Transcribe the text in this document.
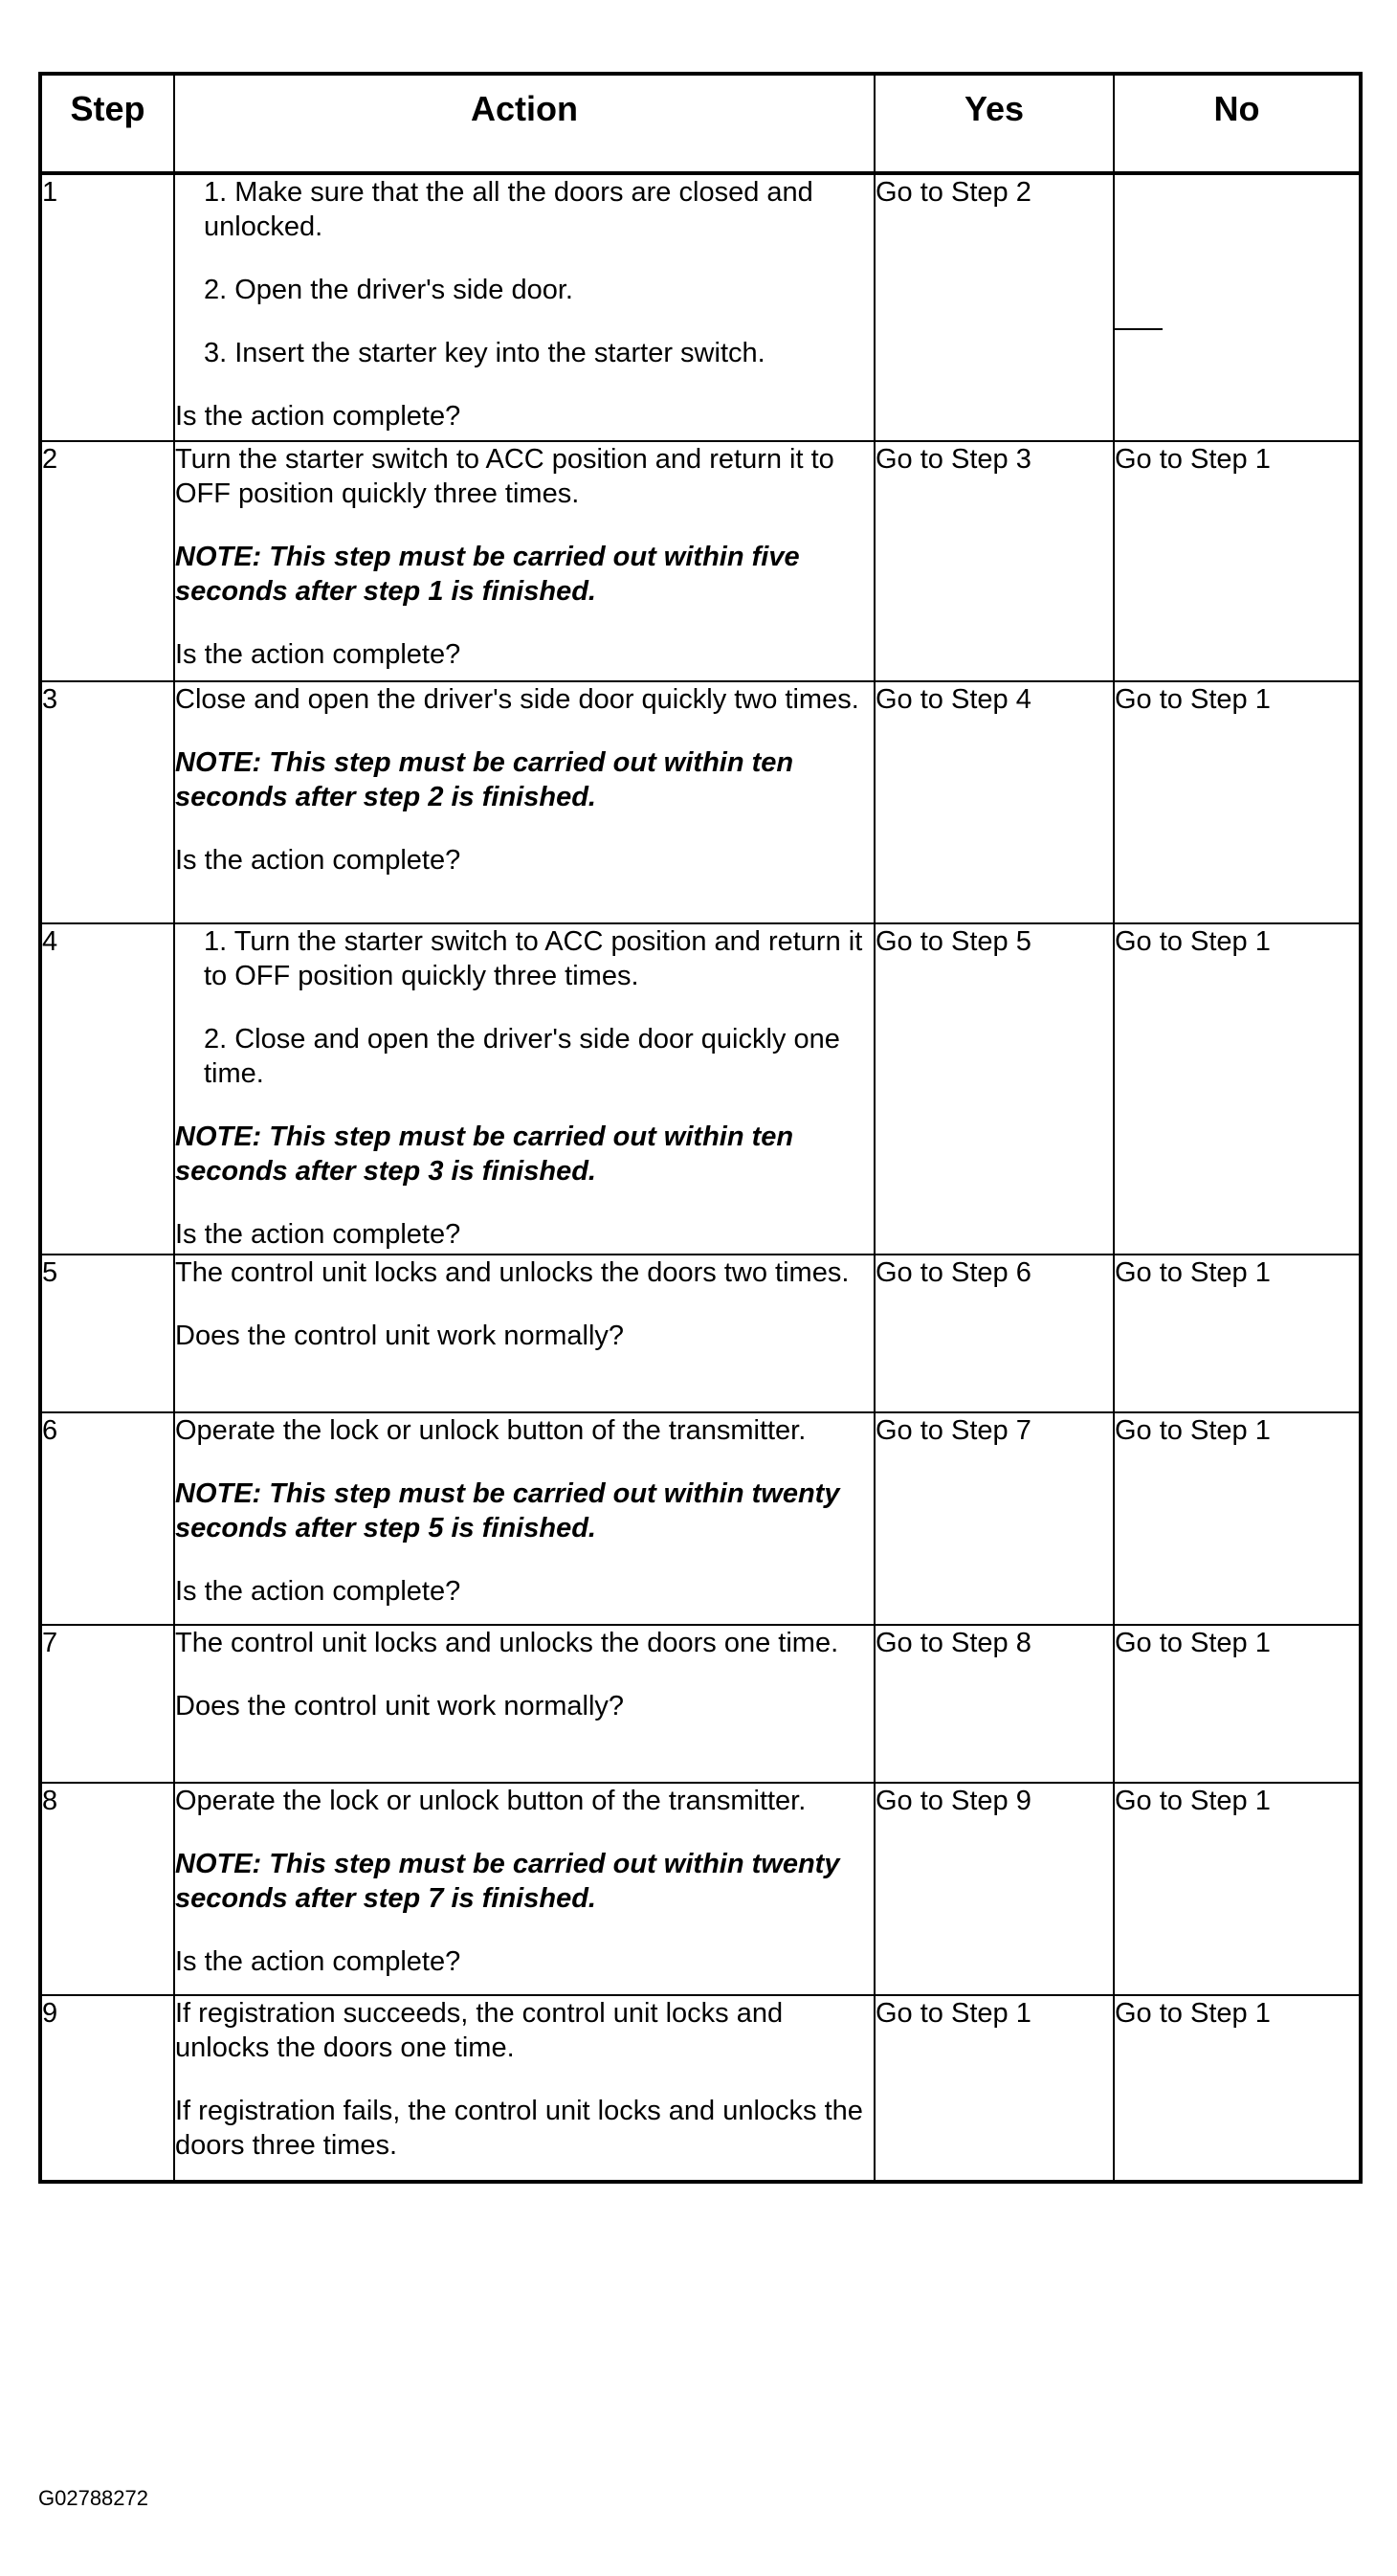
Step	Action	Yes	No
1	1. Make sure that the all the doors are closed and unlocked.

2. Open the driver's side door.

3. Insert the starter key into the starter switch.

Is the action complete?	Go to Step 2	
2	Turn the starter switch to ACC position and return it to OFF position quickly three times.

NOTE: This step must be carried out within five seconds after step 1 is finished.

Is the action complete?	Go to Step 3	Go to Step 1
3	Close and open the driver's side door quickly two times.

NOTE: This step must be carried out within ten seconds after step 2 is finished.

Is the action complete?	Go to Step 4	Go to Step 1
4	1. Turn the starter switch to ACC position and return it to OFF position quickly three times.

2. Close and open the driver's side door quickly one time.

NOTE: This step must be carried out within ten seconds after step 3 is finished.

Is the action complete?	Go to Step 5	Go to Step 1
5	The control unit locks and unlocks the doors two times.

Does the control unit work normally?	Go to Step 6	Go to Step 1
6	Operate the lock or unlock button of the transmitter.

NOTE: This step must be carried out within twenty seconds after step 5 is finished.

Is the action complete?	Go to Step 7	Go to Step 1
7	The control unit locks and unlocks the doors one time.

Does the control unit work normally?	Go to Step 8	Go to Step 1
8	Operate the lock or unlock button of the transmitter.

NOTE: This step must be carried out within twenty seconds after step 7 is finished.

Is the action complete?	Go to Step 9	Go to Step 1
9	If registration succeeds, the control unit locks and unlocks the doors one time.

If registration fails, the control unit locks and unlocks the doors three times.	Go to Step 1	Go to Step 1
G02788272
